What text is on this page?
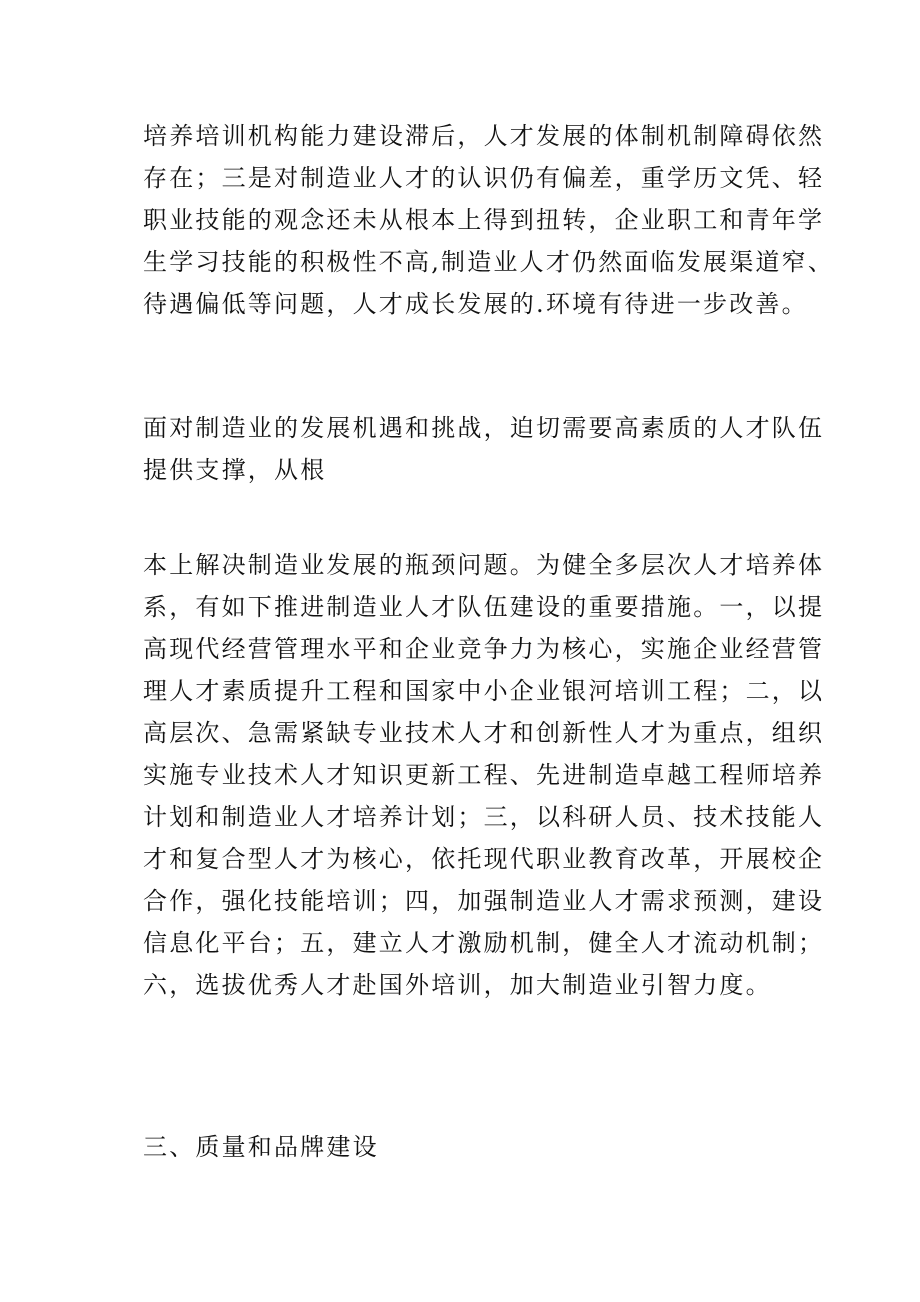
培养培训机构能力建设滞后，人才发展的体制机制障碍依然
存在；三是对制造业人才的认识仍有偏差，重学历文凭、轻
职业技能的观念还未从根本上得到扭转，企业职工和青年学
生学习技能的积极性不高,制造业人才仍然面临发展渠道窄、
待遇偏低等问题，人才成长发展的.环境有待进一步改善。

面对制造业的发展机遇和挑战，迫切需要高素质的人才队伍
提供支撑，从根

本上解决制造业发展的瓶颈问题。为健全多层次人才培养体
系，有如下推进制造业人才队伍建设的重要措施。一，以提
高现代经营管理水平和企业竞争力为核心，实施企业经营管
理人才素质提升工程和国家中小企业银河培训工程；二，以
高层次、急需紧缺专业技术人才和创新性人才为重点，组织
实施专业技术人才知识更新工程、先进制造卓越工程师培养
计划和制造业人才培养计划；三，以科研人员、技术技能人
才和复合型人才为核心，依托现代职业教育改革，开展校企
合作，强化技能培训；四，加强制造业人才需求预测，建设
信息化平台；五，建立人才激励机制，健全人才流动机制；
六，选拔优秀人才赴国外培训，加大制造业引智力度。

三、质量和品牌建设
